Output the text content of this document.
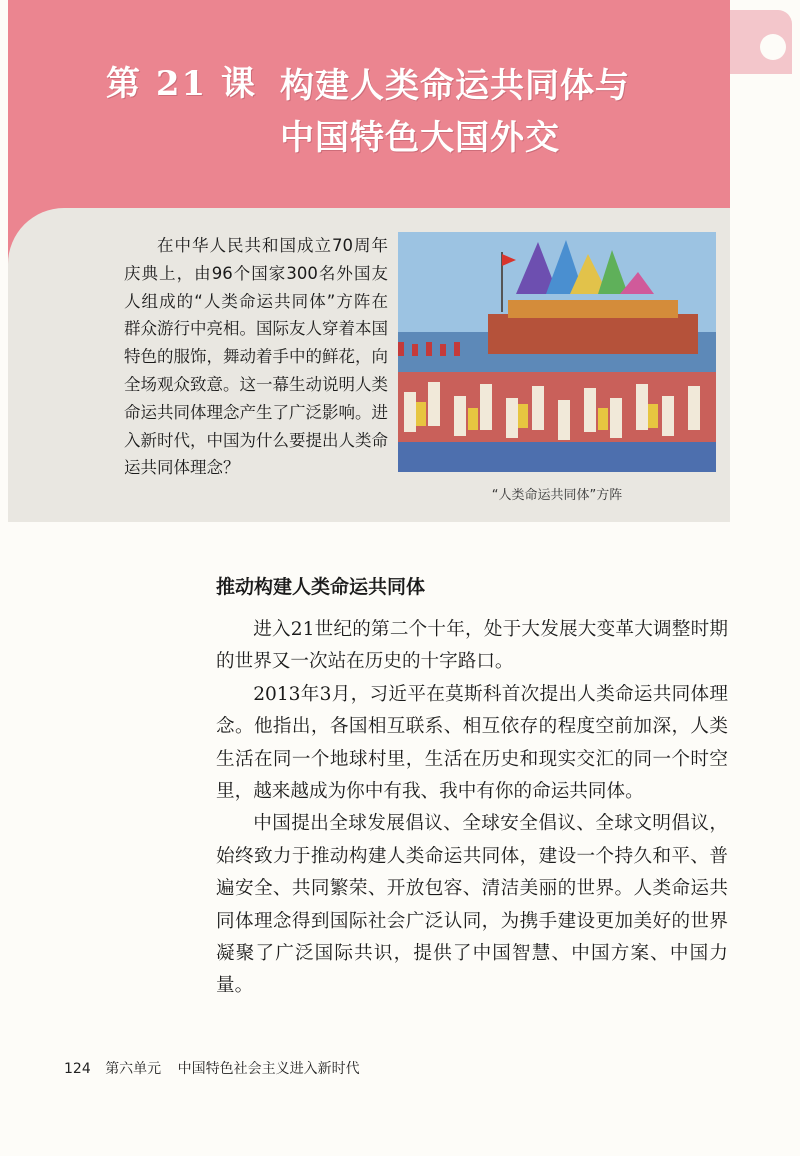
第 21 课 构建人类命运共同体与
中国特色大国外交
在中华人民共和国成立70周年庆典上，由96个国家300名外国友人组成的“人类命运共同体”方阵在群众游行中亮相。国际友人穿着本国特色的服饰，舞动着手中的鲜花，向全场观众致意。这一幕生动说明人类命运共同体理念产生了广泛影响。进入新时代，中国为什么要提出人类命运共同体理念？
“人类命运共同体”方阵
推动构建人类命运共同体

进入21世纪的第二个十年，处于大发展大变革大调整时期的世界又一次站在历史的十字路口。

2013年3月，习近平在莫斯科首次提出人类命运共同体理念。他指出，各国相互联系、相互依存的程度空前加深，人类生活在同一个地球村里，生活在历史和现实交汇的同一个时空里，越来越成为你中有我、我中有你的命运共同体。

中国提出全球发展倡议、全球安全倡议、全球文明倡议，始终致力于推动构建人类命运共同体，建设一个持久和平、普遍安全、共同繁荣、开放包容、清洁美丽的世界。人类命运共同体理念得到国际社会广泛认同，为携手建设更加美好的世界凝聚了广泛国际共识，提供了中国智慧、中国方案、中国力量。

124 第六单元 中国特色社会主义进入新时代
